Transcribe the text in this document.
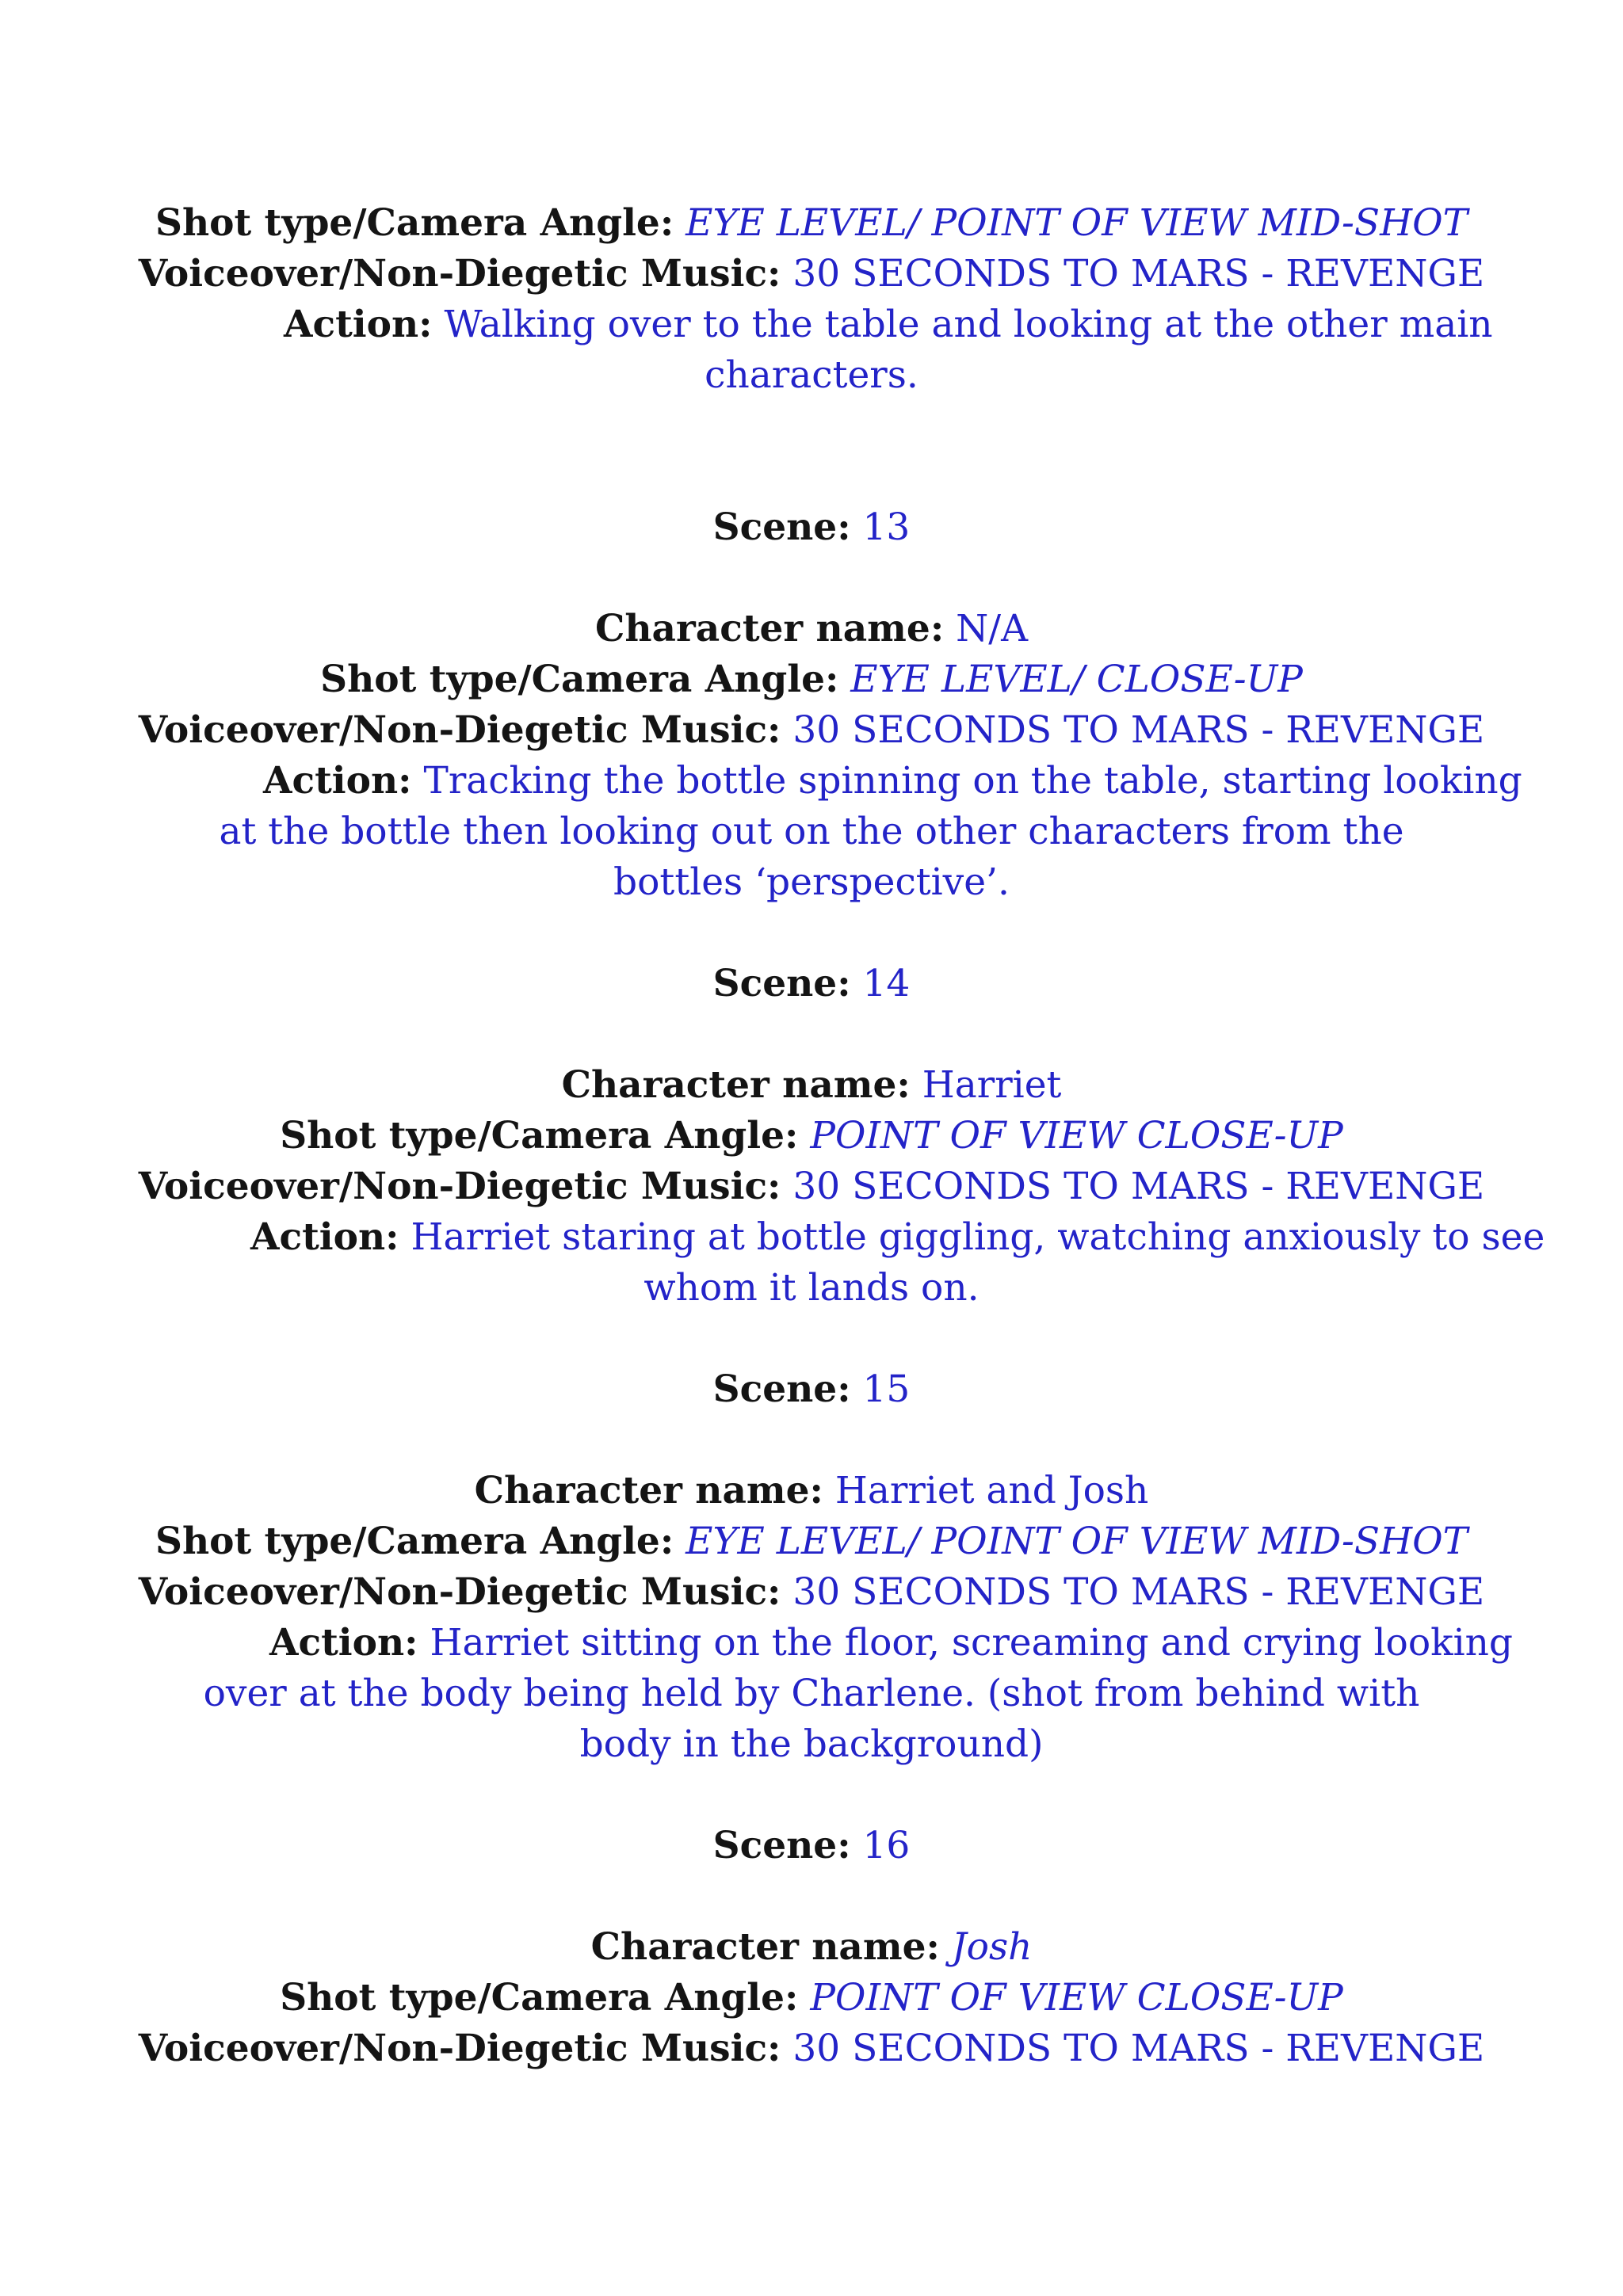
Shot type/Camera Angle: EYE LEVEL/ POINT OF VIEW MID-SHOT
Voiceover/Non-Diegetic Music: 30 SECONDS TO MARS - REVENGE
Action: Walking over to the table and looking at the other main
characters.
Scene: 13
Character name: N/A
Shot type/Camera Angle: EYE LEVEL/ CLOSE-UP
Voiceover/Non-Diegetic Music: 30 SECONDS TO MARS - REVENGE
Action: Tracking the bottle spinning on the table, starting looking
at the bottle then looking out on the other characters from the
bottles ‘perspective’.
Scene: 14
Character name: Harriet
Shot type/Camera Angle: POINT OF VIEW CLOSE-UP
Voiceover/Non-Diegetic Music: 30 SECONDS TO MARS - REVENGE
Action: Harriet staring at bottle giggling, watching anxiously to see
whom it lands on.
Scene: 15
Character name: Harriet and Josh
Shot type/Camera Angle: EYE LEVEL/ POINT OF VIEW MID-SHOT
Voiceover/Non-Diegetic Music: 30 SECONDS TO MARS - REVENGE
Action: Harriet sitting on the floor, screaming and crying looking
over at the body being held by Charlene. (shot from behind with
body in the background)
Scene: 16
Character name: Josh
Shot type/Camera Angle: POINT OF VIEW CLOSE-UP
Voiceover/Non-Diegetic Music: 30 SECONDS TO MARS - REVENGE
